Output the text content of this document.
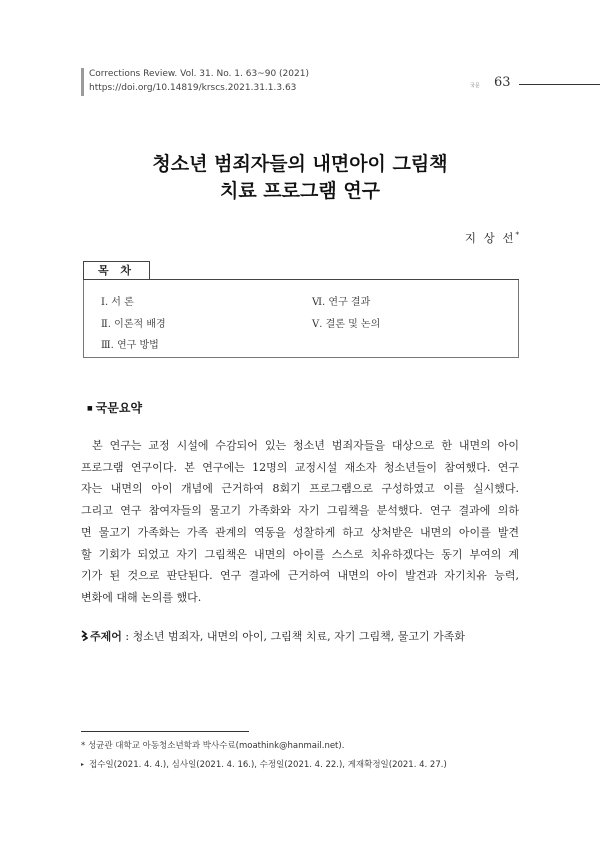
Corrections Review. Vol. 31. No. 1. 63~90 (2021)
https://doi.org/10.14819/krscs.2021.31.1.3.63	국문 63
청소년 범죄자들의 내면아이 그림책
치료 프로그램 연구
지 상 선*
목 차
Ⅰ. 서 론
Ⅱ. 이론적 배경
Ⅲ. 연구 방법
Ⅵ. 연구 결과
Ⅴ. 결론 및 논의
■ 국문요약
본 연구는 교정 시설에 수감되어 있는 청소년 범죄자들을 대상으로 한 내면의 아이
프로그램 연구이다. 본 연구에는 12명의 교정시설 재소자 청소년들이 참여했다. 연구
자는 내면의 아이 개념에 근거하여 8회기 프로그램으로 구성하였고 이를 실시했다.
그리고 연구 참여자들의 물고기 가족화와 자기 그림책을 분석했다. 연구 결과에 의하
면 물고기 가족화는 가족 관계의 역동을 성찰하게 하고 상처받은 내면의 아이를 발견
할 기회가 되었고 자기 그림책은 내면의 아이를 스스로 치유하겠다는 동기 부여의 계
기가 된 것으로 판단된다. 연구 결과에 근거하여 내면의 아이 발견과 자기치유 능력,
변화에 대해 논의를 했다.
주제어 : 청소년 범죄자, 내면의 아이, 그림책 치료, 자기 그림책, 물고기 가족화
* 성균관 대학교 아동청소년학과 박사수료(moathink@hanmail.net).
▸ 접수일(2021. 4. 4.), 심사일(2021. 4. 16.), 수정일(2021. 4. 22.), 게재확정일(2021. 4. 27.)
